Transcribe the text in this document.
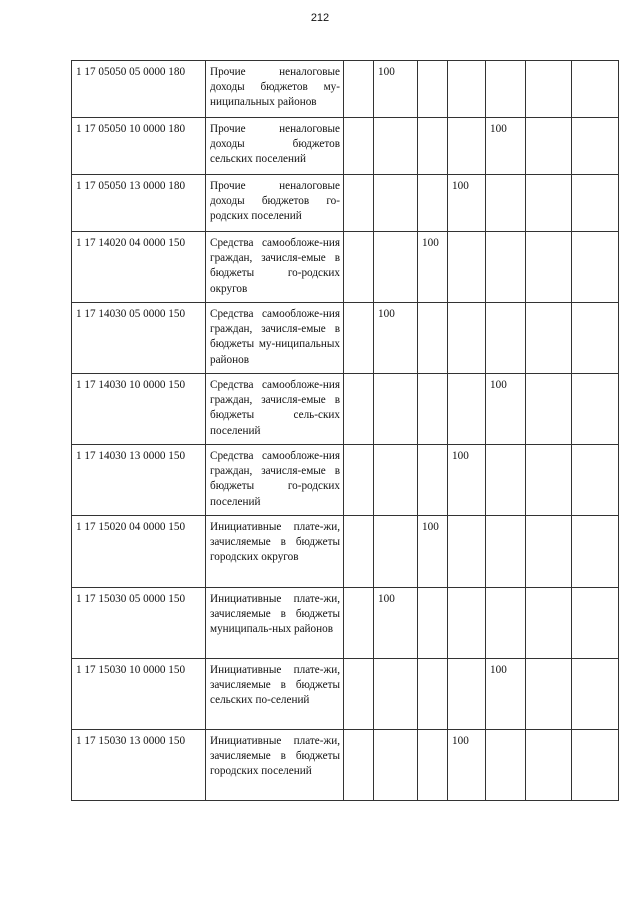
212
1 17 05050 05 0000 180	Прочие неналоговые доходы бюджетов му-ниципальных районов		100					
1 17 05050 10 0000 180	Прочие неналоговые доходы бюджетов сельских поселений					100		
1 17 05050 13 0000 180	Прочие неналоговые доходы бюджетов го-родских поселений				100			
1 17 14020 04 0000 150	Средства самообложе-ния граждан, зачисля-емые в бюджеты го-родских округов			100				
1 17 14030 05 0000 150	Средства самообложе-ния граждан, зачисля-емые в бюджеты му-ниципальных районов		100					
1 17 14030 10 0000 150	Средства самообложе-ния граждан, зачисля-емые в бюджеты сель-ских поселений					100		
1 17 14030 13 0000 150	Средства самообложе-ния граждан, зачисля-емые в бюджеты го-родских поселений				100			
1 17 15020 04 0000 150	Инициативные плате-жи, зачисляемые в бюджеты городских округов			100				
1 17 15030 05 0000 150	Инициативные плате-жи, зачисляемые в бюджеты муниципаль-ных районов		100					
1 17 15030 10 0000 150	Инициативные плате-жи, зачисляемые в бюджеты сельских по-селений					100		
1 17 15030 13 0000 150	Инициативные плате-жи, зачисляемые в бюджеты городских поселений				100			
